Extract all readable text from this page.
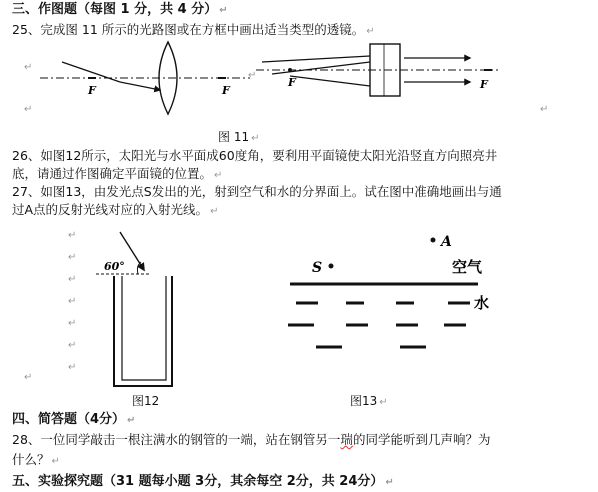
三、作图题（每图 1 分，共 4 分） ↵
25、完成图 11 所示的光路图或在方框中画出适当类型的透镜。 ↵
↵
↵
↵
↵
图 11 ↵
26、如图12所示，太阳光与水平面成60度角，要利用平面镜使太阳光沿竖直方向照亮井
底，请通过作图确定平面镜的位置。 ↵
27、如图13，由发光点S发出的光，射到空气和水的分界面上。试在图中准确地画出与通
过A点的反射光线对应的入射光线。 ↵
↵
↵
↵
↵
↵
↵
↵
↵
图12	图13 ↵
四、简答题（4分） ↵
28、一位同学敲击一根注满水的钢管的一端，站在钢管另一瑞的同学能听到几声响？为
什么？ ↵
五、实验探究题（31 题每小题 3分，其余每空 2分，共 24分） ↵
F	F
F	F
60°
A
S	空气
水
